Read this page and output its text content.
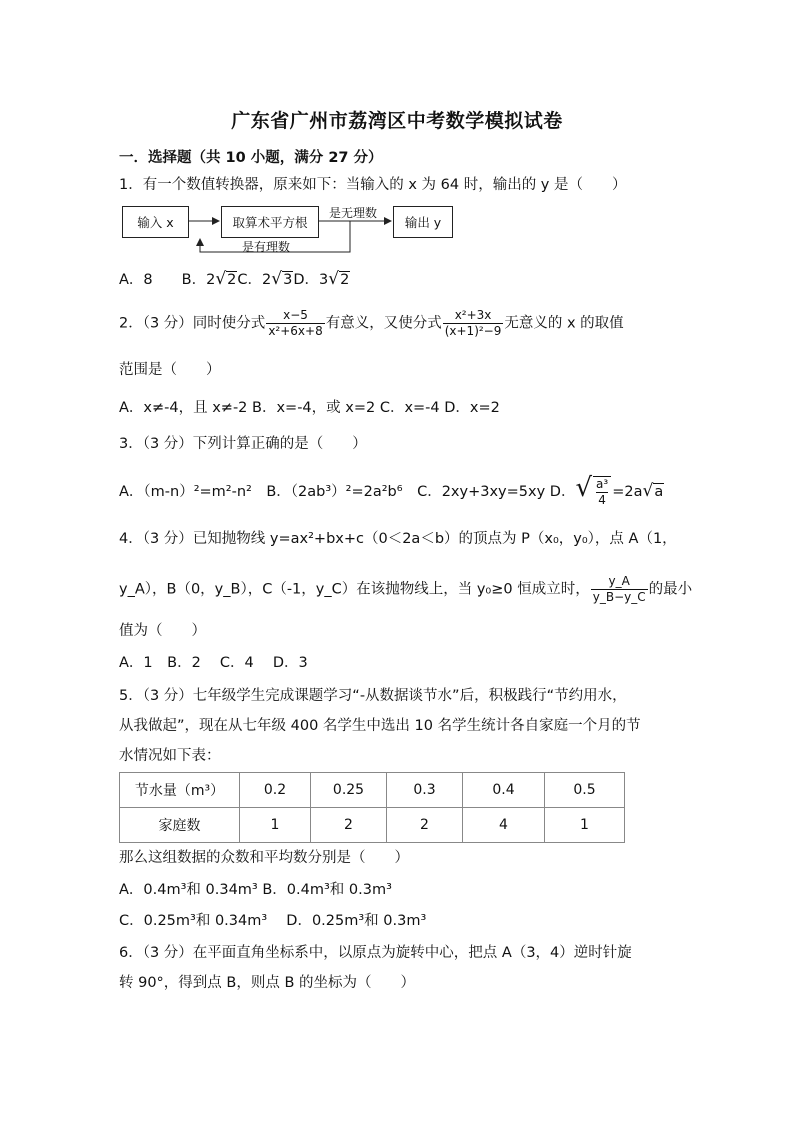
广东省广州市荔湾区中考数学模拟试卷
一．选择题（共 10 小题，满分 27 分）
1．有一个数值转换器，原来如下：当输入的 x 为 64 时，输出的 y 是（　　）
输入 x	取算术平方根	输出 y
是无理数
是有理数
A．8　　B．2√2C．2√3D．3√2
2．（3 分）同时使分式 $\frac{x-5}{\text{x²+6x+8}}$ 有意义，又使分式 $\frac{\text{x²+3x}}{\text{(x+1)²−9}}$ 无意义的 x 的取值
范围是（　　）
A．x≠-4，且 x≠-2 B．x=-4，或 x=2 C．x=-4 D．x=2
3．（3 分）下列计算正确的是（　　）
A．（m-n）²=m²-n²　B．（2ab³）²=2a²b⁶　C．2xy+3xy=5xy D．√ $\frac{\text{a³}}{4} =2a√a$
4．（3 分）已知抛物线 y=ax²+bx+c（0＜2a＜b）的顶点为 P（x₀，y₀），点 A（1，
y_A），B（0，y_B），C（-1，y_C）在该抛物线上，当 y₀≥0 恒成立时， $\frac{y\_A}{y\_B-y\_C}$ 的最小
值为（　　）
A．1　B．2　 C．4　 D．3
5．（3 分）七年级学生完成课题学习“-从数据谈节水”后，积极践行“节约用水，
从我做起”，现在从七年级 400 名学生中选出 10 名学生统计各自家庭一个月的节
水情况如下表：
节水量（m³）	0.2	0.25	0.3	0.4	0.5
家庭数	1	2	2	4	1
那么这组数据的众数和平均数分别是（　　）
A．0.4m³和 0.34m³ B．0.4m³和 0.3m³
C．0.25m³和 0.34m³　 D．0.25m³和 0.3m³
6．（3 分）在平面直角坐标系中，以原点为旋转中心，把点 A（3，4）逆时针旋
转 90°，得到点 B，则点 B 的坐标为（　　）
